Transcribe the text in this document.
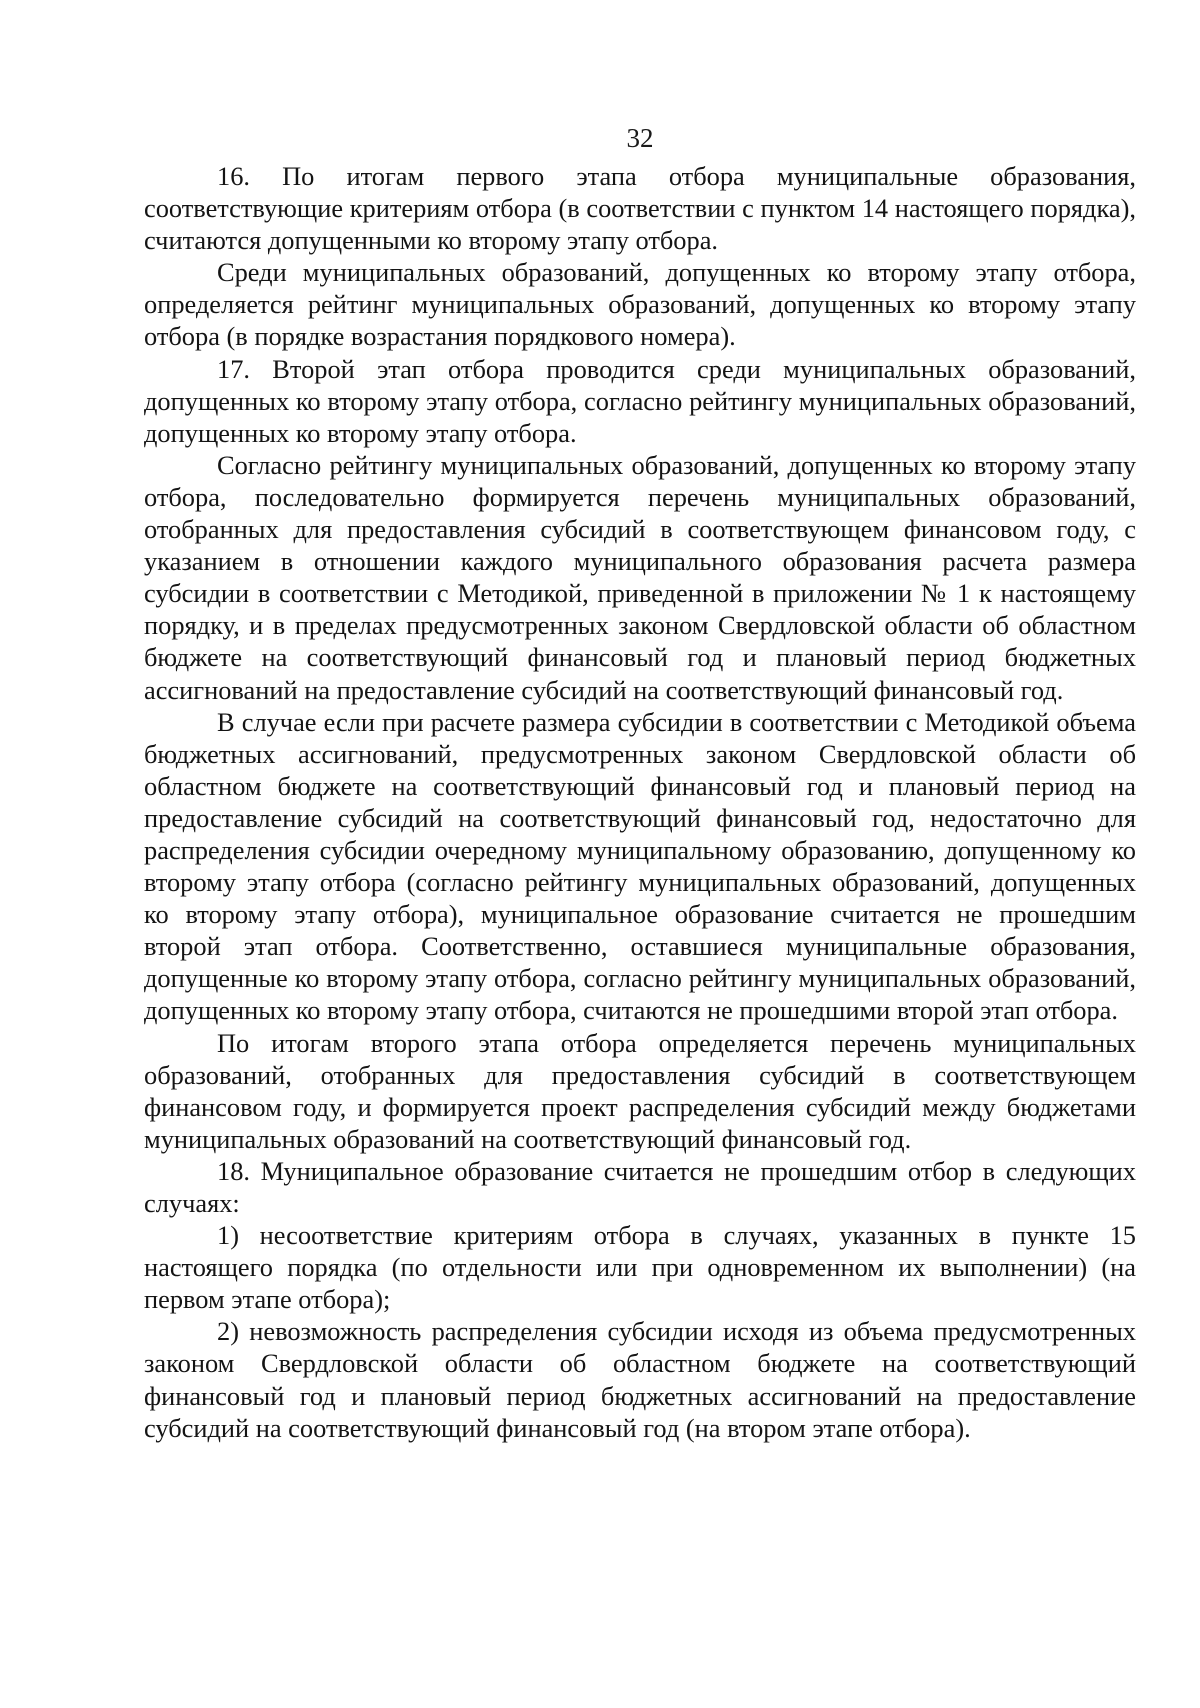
32

16. По итогам первого этапа отбора муниципальные образования, соответствующие критериям отбора (в соответствии с пунктом 14 настоящего порядка), считаются допущенными ко второму этапу отбора.

Среди муниципальных образований, допущенных ко второму этапу отбора, определяется рейтинг муниципальных образований, допущенных ко второму этапу отбора (в порядке возрастания порядкового номера).

17. Второй этап отбора проводится среди муниципальных образований, допущенных ко второму этапу отбора, согласно рейтингу муниципальных образований, допущенных ко второму этапу отбора.

Согласно рейтингу муниципальных образований, допущенных ко второму этапу отбора, последовательно формируется перечень муниципальных образований, отобранных для предоставления субсидий в соответствующем финансовом году, с указанием в отношении каждого муниципального образования расчета размера субсидии в соответствии с Методикой, приведенной в приложении № 1 к настоящему порядку, и в пределах предусмотренных законом Свердловской области об областном бюджете на соответствующий финансовый год и плановый период бюджетных ассигнований на предоставление субсидий на соответствующий финансовый год.

В случае если при расчете размера субсидии в соответствии с Методикой объема бюджетных ассигнований, предусмотренных законом Свердловской области об областном бюджете на соответствующий финансовый год и плановый период на предоставление субсидий на соответствующий финансовый год, недостаточно для распределения субсидии очередному муниципальному образованию, допущенному ко второму этапу отбора (согласно рейтингу муниципальных образований, допущенных ко второму этапу отбора), муниципальное образование считается не прошедшим второй этап отбора. Соответственно, оставшиеся муниципальные образования, допущенные ко второму этапу отбора, согласно рейтингу муниципальных образований, допущенных ко второму этапу отбора, считаются не прошедшими второй этап отбора.

По итогам второго этапа отбора определяется перечень муниципальных образований, отобранных для предоставления субсидий в соответствующем финансовом году, и формируется проект распределения субсидий между бюджетами муниципальных образований на соответствующий финансовый год.

18. Муниципальное образование считается не прошедшим отбор в следующих случаях:

1) несоответствие критериям отбора в случаях, указанных в пункте 15 настоящего порядка (по отдельности или при одновременном их выполнении) (на первом этапе отбора);

2) невозможность распределения субсидии исходя из объема предусмотренных законом Свердловской области об областном бюджете на соответствующий финансовый год и плановый период бюджетных ассигнований на предоставление субсидий на соответствующий финансовый год (на втором этапе отбора).
